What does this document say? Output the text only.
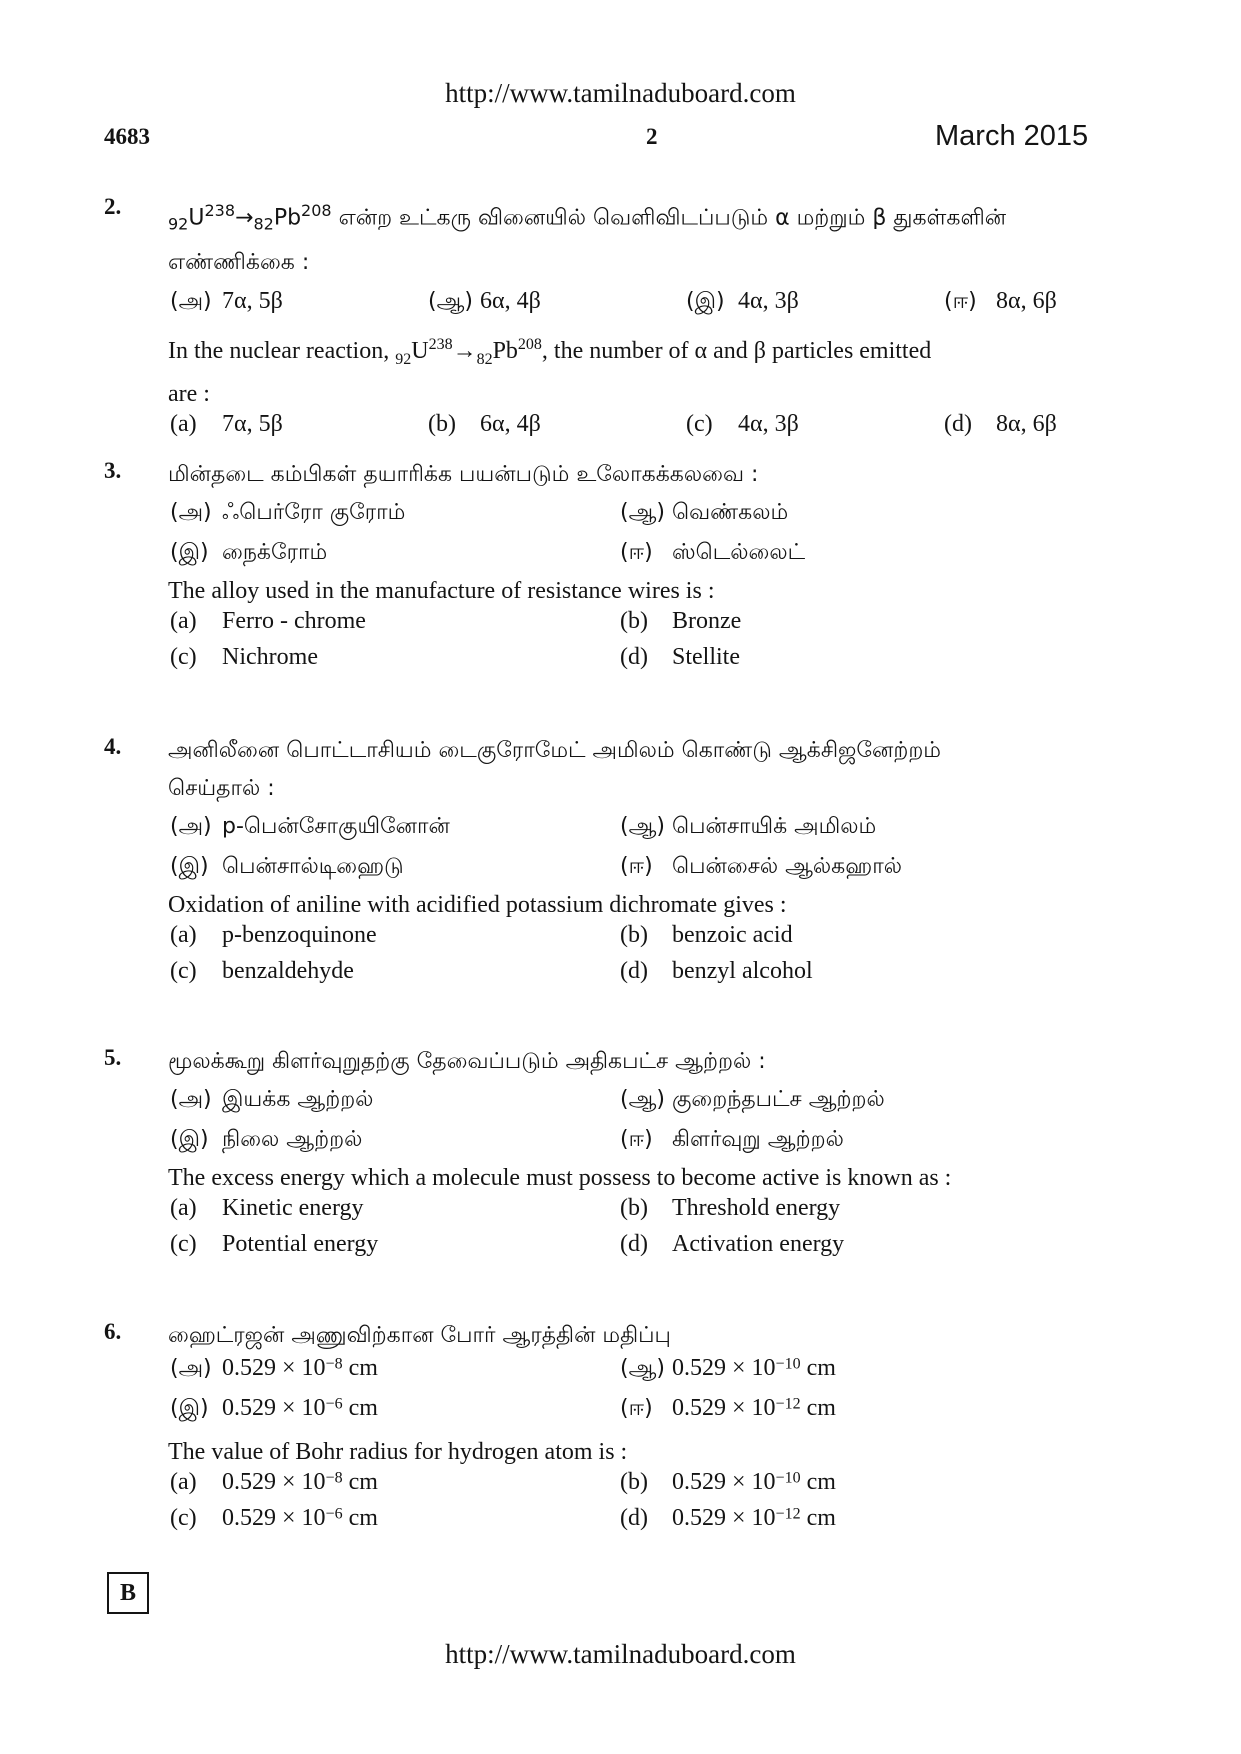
http://www.tamilnaduboard.com
4683	2	March 2015
2.
$_{92}U^{238}\to_{82}Pb^{208}$ என்ற உட்கரு வினையில் வெளிவிடப்படும் α மற்றும் β துகள்களின்
எண்ணிக்கை :
(அ) 7α, 5β	(ஆ) 6α, 4β	(இ) 4α, 3β	(ஈ) 8α, 6β
In the nuclear reaction, $_{92}U^{238}\to_{82}Pb^{208}$, the number of α and β particles emitted
are :
(a) 7α, 5β	(b) 6α, 4β	(c) 4α, 3β	(d) 8α, 6β
3. மின்தடை கம்பிகள் தயாரிக்க பயன்படும் உலோகக்கலவை :
(அ) ஃபெர்ரோ குரோம்	(ஆ) வெண்கலம்
(இ) நைக்ரோம்	(ஈ) ஸ்டெல்லைட்
The alloy used in the manufacture of resistance wires is :
(a) Ferro - chrome	(b) Bronze
(c) Nichrome	(d) Stellite
4. அனிலீனை பொட்டாசியம் டைகுரோமேட் அமிலம் கொண்டு ஆக்சிஜனேற்றம்
செய்தால் :
(அ) p-பென்சோகுயினோன்	(ஆ) பென்சாயிக் அமிலம்
(இ) பென்சால்டிஹைடு	(ஈ) பென்சைல் ஆல்கஹால்
Oxidation of aniline with acidified potassium dichromate gives :
(a) p-benzoquinone	(b) benzoic acid
(c) benzaldehyde	(d) benzyl alcohol
5. மூலக்கூறு கிளர்வுறுதற்கு தேவைப்படும் அதிகபட்ச ஆற்றல் :
(அ) இயக்க ஆற்றல்	(ஆ) குறைந்தபட்ச ஆற்றல்
(இ) நிலை ஆற்றல்	(ஈ) கிளர்வுறு ஆற்றல்
The excess energy which a molecule must possess to become active is known as :
(a) Kinetic energy	(b) Threshold energy
(c) Potential energy	(d) Activation energy
6. ஹைட்ரஜன் அணுவிற்கான போர் ஆரத்தின் மதிப்பு
(அ) $0.529 \times 10^{-8}$ cm	(ஆ) $0.529 \times 10^{-10}$ cm
(இ) $0.529 \times 10^{-6}$ cm	(ஈ) $0.529 \times 10^{-12}$ cm
The value of Bohr radius for hydrogen atom is :
(a) $0.529 \times 10^{-8}$ cm	(b) $0.529 \times 10^{-10}$ cm
(c) $0.529 \times 10^{-6}$ cm	(d) $0.529 \times 10^{-12}$ cm
B
http://www.tamilnaduboard.com
